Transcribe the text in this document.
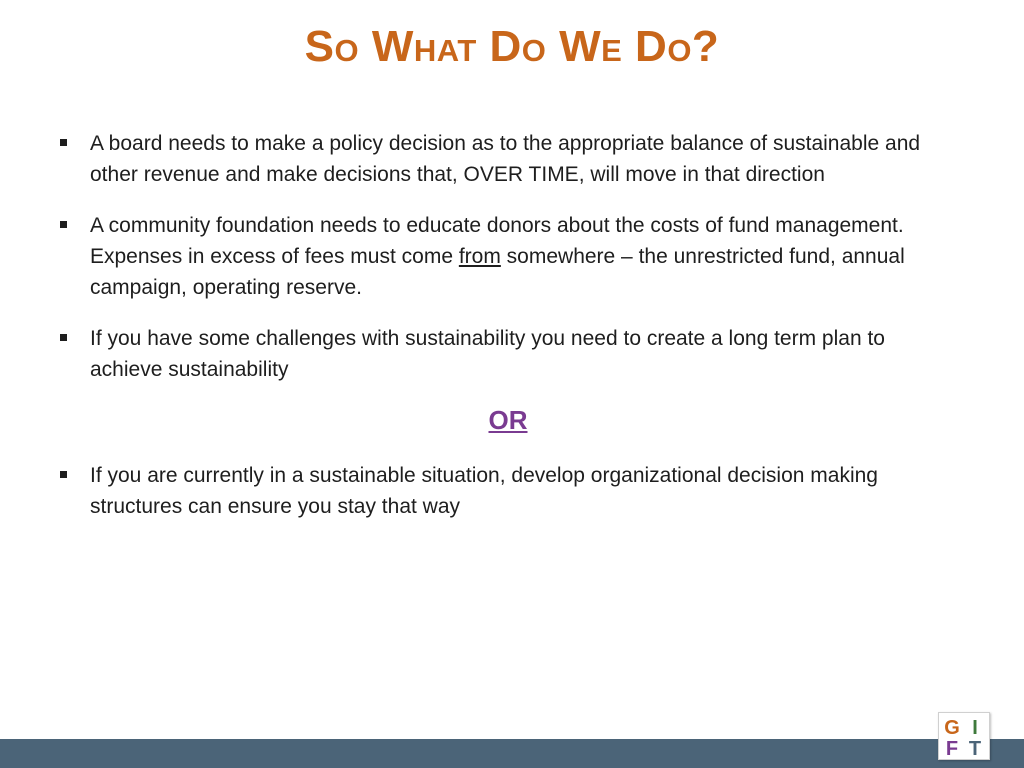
So What Do We Do?
A board needs to make a policy decision as to the appropriate balance of sustainable and other revenue and make decisions that, OVER TIME, will move in that direction
A community foundation needs to educate donors about the costs of fund management. Expenses in excess of fees must come from somewhere – the unrestricted fund, annual campaign, operating reserve.
If you have some challenges with sustainability you need to create a long term plan to achieve sustainability
OR
If you are currently in a sustainable situation, develop organizational decision making structures can ensure you stay that way
G I
F T
